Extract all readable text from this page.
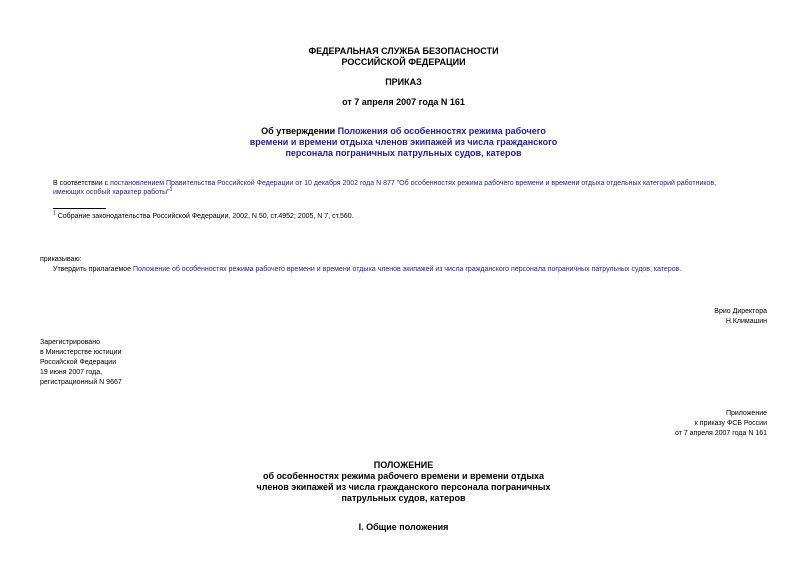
ФЕДЕРАЛЬНАЯ СЛУЖБА БЕЗОПАСНОСТИ
РОССИЙСКОЙ ФЕДЕРАЦИИ
ПРИКАЗ
от 7 апреля 2007 года N 161
Об утверждении Положения об особенностях режима рабочего
времени и времени отдыха членов экипажей из числа гражданского
персонала пограничных патрульных судов, катеров
В соответствии с постановлением Правительства Российской Федерации от 10 декабря 2002 года N 877 "Об особенностях режима рабочего времени и времени отдыха отдельных категорий работников,
имеющих особый характер работы"$^1$
$^1$ Собрание законодательства Российской Федерации, 2002, N 50, ст.4952; 2005, N 7, ст.560.
приказываю:
Утвердить прилагаемое Положение об особенностях режима рабочего времени и времени отдыха членов экипажей из числа гражданского персонала пограничных патрульных судов, катеров.
Врио Директора
Н.Климашин
Зарегистрировано
в Министерстве юстиции
Российской Федерации
19 июня 2007 года,
регистрационный N 9667
Приложение
к приказу ФСБ России
от 7 апреля 2007 года N 161
ПОЛОЖЕНИЕ
об особенностях режима рабочего времени и времени отдыха
членов экипажей из числа гражданского персонала пограничных
патрульных судов, катеров
I. Общие положения
